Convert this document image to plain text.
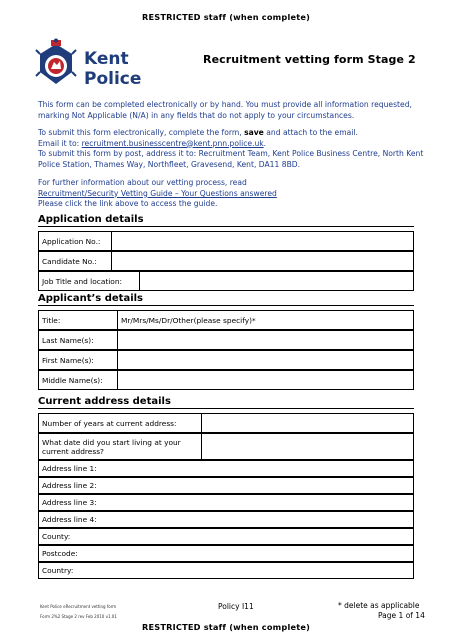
RESTRICTED staff (when complete)
Kent
Police
Recruitment vetting form Stage 2
This form can be completed electronically or by hand. You must provide all information requested, marking Not Applicable (N/A) in any fields that do not apply to your circumstances.
To submit this form electronically, complete the form, save and attach to the email.
Email it to: recruitment.businesscentre@kent.pnn.police.uk.
To submit this form by post, address it to: Recruitment Team, Kent Police Business Centre, North Kent Police Station, Thames Way, Northfleet, Gravesend, Kent, DA11 8BD.
For further information about our vetting process, read
Recruitment/Security Vetting Guide – Your Questions answered
Please click the link above to access the guide.
Application details
Application No.:
Candidate No.:
Job Title and location:
Applicant’s details
Title:	Mr/Mrs/Ms/Dr/Other(please specify)*
Last Name(s):
First Name(s):
Middle Name(s):
Current address details
Number of years at current address:
What date did you start living at your current address?
Address line 1:
Address line 2:
Address line 3:
Address line 4:
County:
Postcode:
Country:
Kent Police eRecruitment vetting form
Form 2%2 Stage 2 rev Feb 2010 v1.01
Policy I11	* delete as applicable
Page 1 of 14
RESTRICTED staff (when complete)
